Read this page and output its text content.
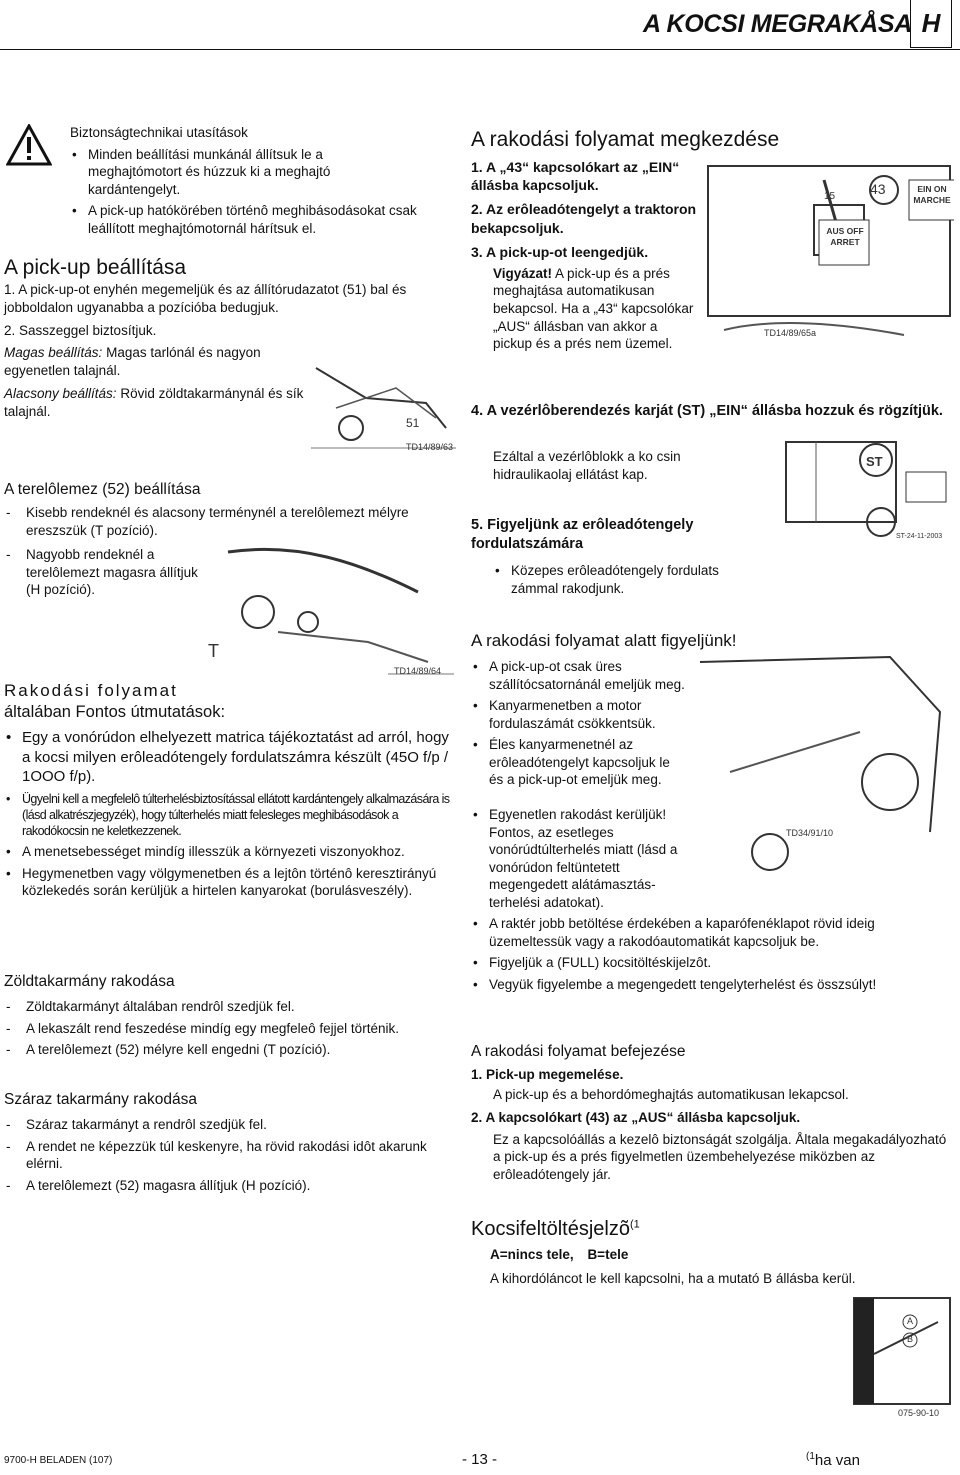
A KOCSI MEGRAKÅSA H
Biztonságtechnikai utasítások
• Minden beállítási munkánál állítsuk le a meghajtómotort és húzzuk ki a meghajtó kardántengelyt.
• A pick-up hatókörében történô meghibásodásokat csak leállított meghajtómotornál hárítsuk el.
A pick-up beállítása
1. A pick-up-ot enyhén megemeljük és az állítórudazatot (51) bal és jobboldalon ugyanabba a pozícióba bedugjuk.
2. Sasszeggel biztosítjuk.
Magas beállítás: Magas tarlónál és nagyon egyenetlen talajnál.
Alacsony beállítás: Rövid zöldtakarmánynál és sík talajnál.
51
TD14/89/63
A terelôlemez (52) beállítása
- Kisebb rendeknél és alacsony terménynél a terelôlemezt mélyre ereszszük (T pozíció).
- Nagyobb rendeknél a terelôlemezt magasra állítjuk (H pozíció).
T
TD14/89/64
Rakodási folyamat
általában Fontos útmutatások:
• Egy a vonórúdon elhelyezett matrica tájékoztatást ad arról, hogy a kocsi milyen erôleadótengely fordulatszámra készült (45O f/p / 1OOO f/p).
• Ügyelni kell a megfelelô túlterhelésbiztosítással ellátott kardántengely alkalmazására is (lásd alkatrészjegyzék), hogy túlterhelés miatt felesleges meghibásodások a rakodókocsin ne keletkezzenek.
• A menetsebességet mindíg illesszük a környezeti viszonyokhoz.
• Hegymenetben vagy völgymenetben és a lejtôn történô keresztirányú közlekedés során kerüljük a hirtelen kanyarokat (borulásveszély).
Zöldtakarmány rakodása
- Zöldtakarmányt általában rendrôl szedjük fel.
- A lekaszált rend feszedése mindíg egy megfeleô fejjel történik.
- A terelôlemezt (52) mélyre kell engedni (T pozíció).
Száraz takarmány rakodása
- Száraz takarmányt a rendrôl szedjük fel.
- A rendet ne képezzük túl keskenyre, ha rövid rakodási idôt akarunk elérni.
- A terelôlemezt (52) magasra állítjuk (H pozíció).
A rakodási folyamat megkezdése
1. A „43“ kapcsolókart az „EIN“ állásba kapcsoljuk.
2. Az erôleadótengelyt a traktoron bekapcsoljuk.
3. A pick-up-ot leengedjük.
Vigyázat! A pick-up és a prés meghajtása automatikusan bekapcsol. Ha a „43“ kapcsolókar „AUS“ állásban van akkor a pickup és a prés nem üzemel.
43
15
EIN ON MARCHE
AUS OFF ARRET
TD14/89/65a
4. A vezérlôberendezés karját (ST) „EIN“ állásba hozzuk és rögzítjük.
Ezáltal a vezérlôblokk a ko csin hidraulikaolaj ellátást kap.
5. Figyeljünk az erôleadótengely fordulatszámára
• Közepes erôleadótengely fordulats zámmal rakodjunk.
ST
ST-24-11-2003
A rakodási folyamat alatt figyeljünk!
• A pick-up-ot csak üres szállítócsatornánál emeljük meg.
• Kanyarmenetben a motor fordulaszámát csökkentsük.
• Éles kanyarmenetnél az erôleadótengelyt kapcsoljuk le és a pick-up-ot emeljük meg.
• Egyenetlen rakodást kerüljük! Fontos, az esetleges vonórúdtúlterhelés miatt (lásd a vonórúdon feltüntetett megengedett alátámasztás-terhelési adatokat).
• A raktér jobb betöltése érdekében a kaparófenéklapot rövid ideig üzemeltessük vagy a rakodóautomatikát kapcsoljuk be.
• Figyeljük a (FULL) kocsitöltéskijelzôt.
• Vegyük figyelembe a megengedett tengelyterhelést és összsúlyt!
TD34/91/10
A rakodási folyamat befejezése
1. Pick-up megemelése.
A pick-up és a behordómeghajtás automatikusan lekapcsol.
2. A kapcsolókart (43) az „AUS“ állásba kapcsoljuk.
Ez a kapcsolóállás a kezelô biztonságát szolgálja. Åltala megakadályozható a pick-up és a prés figyelmetlen üzembehelyezése miközben az erôleadótengely jár.
Kocsifeltöltésjelzõ$^{(1}$
A=nincs tele, B=tele
A kihordóláncot le kell kapcsolni, ha a mutató B állásba kerül.
A
B
075-90-10
9700-H BELADEN (107)	- 13 -	$^{(1}$ha van
